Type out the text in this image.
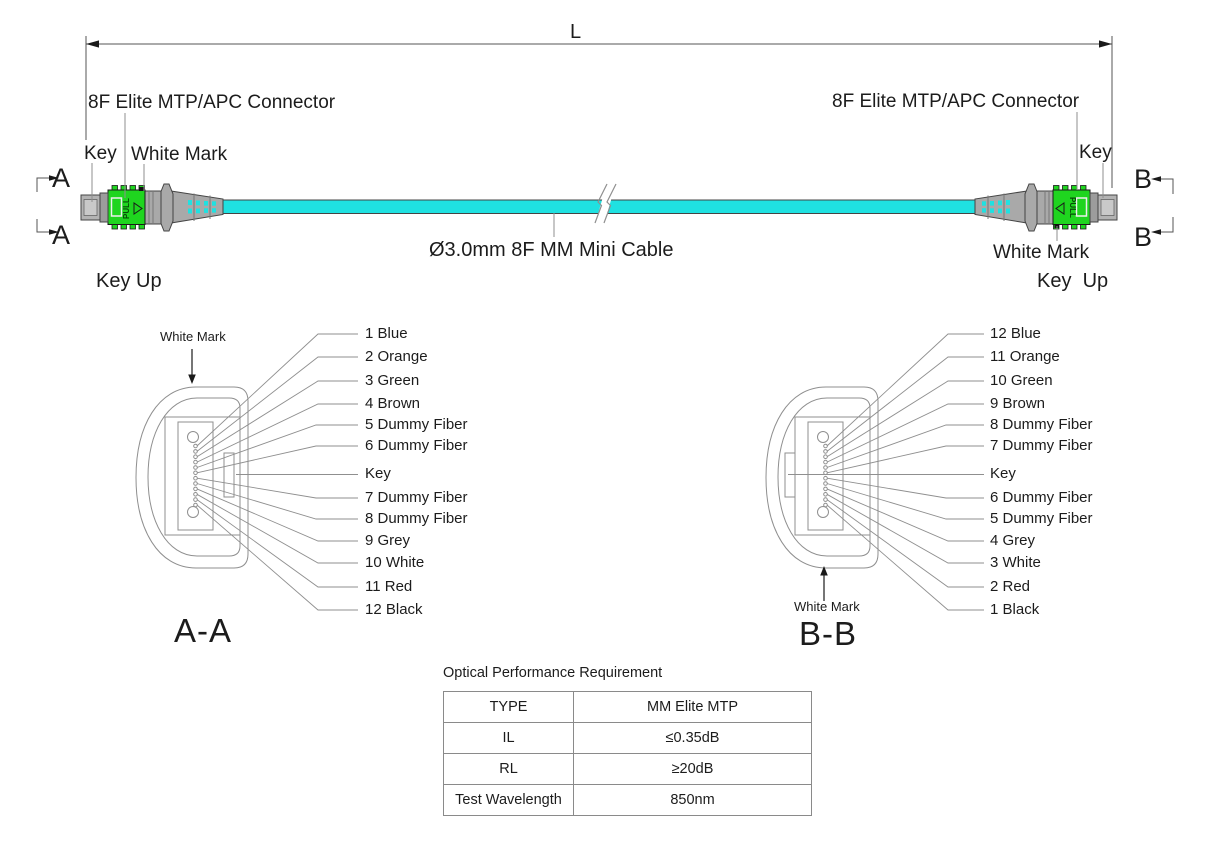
L
8F Elite MTP/APC Connector	8F Elite MTP/APC Connector
Key White Mark	Key
A
A
B
B
Key Up
Ø3.0mm 8F MM Mini Cable	White Mark
Key  Up
PULL	PULL
White Mark
A-A
1 Blue
2 Orange
3 Green
4 Brown
5 Dummy Fiber
6 Dummy Fiber
Key
7 Dummy Fiber
8 Dummy Fiber
9 Grey
10 White
11 Red
12 Black	White Mark
B-B
12 Blue
11 Orange
10 Green
9 Brown
8 Dummy Fiber
7 Dummy Fiber
Key
6 Dummy Fiber
5 Dummy Fiber
4 Grey
3 White
2 Red
1 Black
Optical Performance Requirement
TYPE	MM Elite MTP
IL	≤0.35dB
RL	≥20dB
Test Wavelength	850nm
